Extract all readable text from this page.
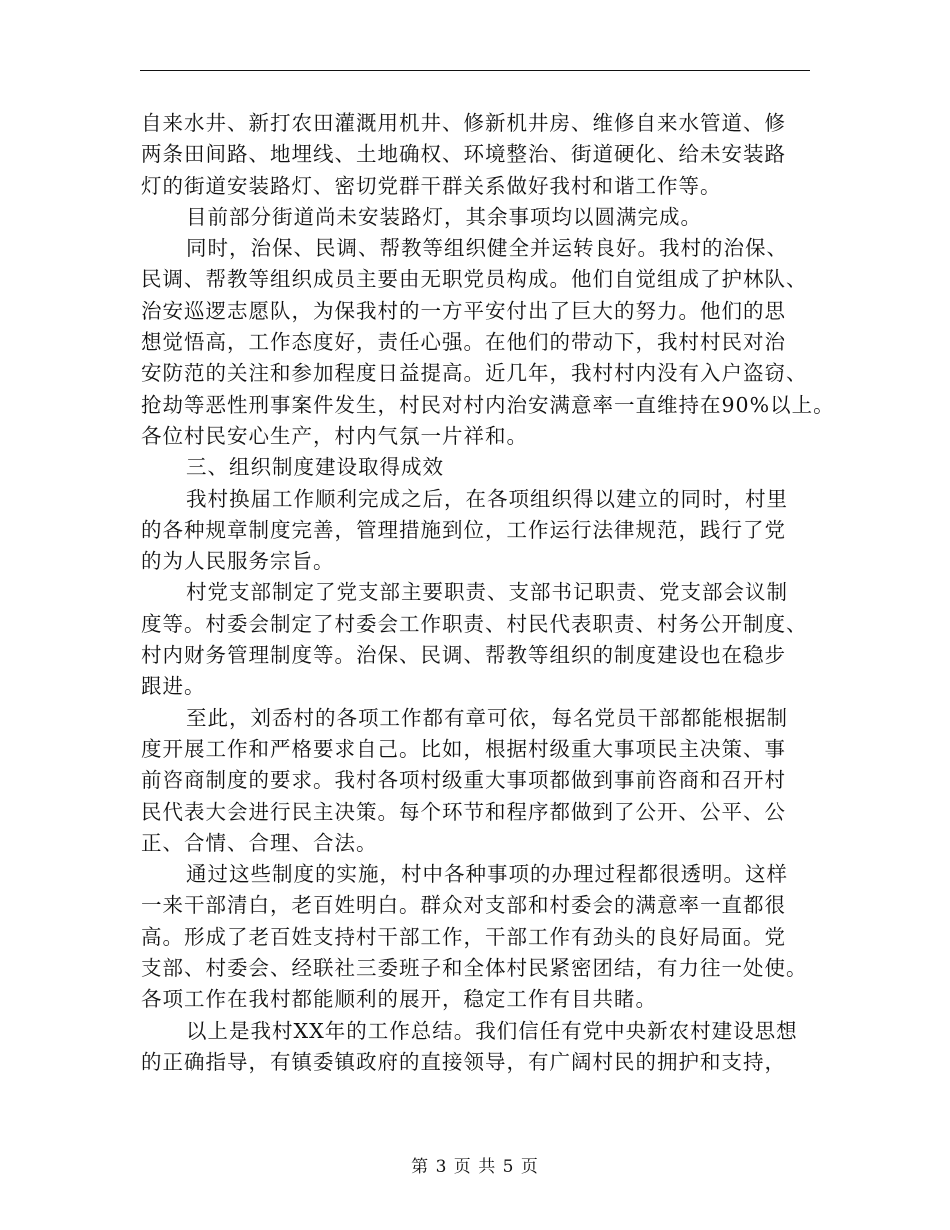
自来水井、新打农田灌溉用机井、修新机井房、维修自来水管道、修
两条田间路、地埋线、土地确权、环境整治、街道硬化、给未安装路
灯的街道安装路灯、密切党群干群关系做好我村和谐工作等。
目前部分街道尚未安装路灯，其余事项均以圆满完成。
同时，治保、民调、帮教等组织健全并运转良好。我村的治保、
民调、帮教等组织成员主要由无职党员构成。他们自觉组成了护林队、
治安巡逻志愿队，为保我村的一方平安付出了巨大的努力。他们的思
想觉悟高，工作态度好，责任心强。在他们的带动下，我村村民对治
安防范的关注和参加程度日益提高。近几年，我村村内没有入户盗窃、
抢劫等恶性刑事案件发生，村民对村内治安满意率一直维持在90%以上。
各位村民安心生产，村内气氛一片祥和。
三、组织制度建设取得成效
我村换届工作顺利完成之后，在各项组织得以建立的同时，村里
的各种规章制度完善，管理措施到位，工作运行法律规范，践行了党
的为人民服务宗旨。
村党支部制定了党支部主要职责、支部书记职责、党支部会议制
度等。村委会制定了村委会工作职责、村民代表职责、村务公开制度、
村内财务管理制度等。治保、民调、帮教等组织的制度建设也在稳步
跟进。
至此，刘岙村的各项工作都有章可依，每名党员干部都能根据制
度开展工作和严格要求自己。比如，根据村级重大事项民主决策、事
前咨商制度的要求。我村各项村级重大事项都做到事前咨商和召开村
民代表大会进行民主决策。每个环节和程序都做到了公开、公平、公
正、合情、合理、合法。
通过这些制度的实施，村中各种事项的办理过程都很透明。这样
一来干部清白，老百姓明白。群众对支部和村委会的满意率一直都很
高。形成了老百姓支持村干部工作，干部工作有劲头的良好局面。党
支部、村委会、经联社三委班子和全体村民紧密团结，有力往一处使。
各项工作在我村都能顺利的展开，稳定工作有目共睹。
以上是我村XX年的工作总结。我们信任有党中央新农村建设思想
的正确指导，有镇委镇政府的直接领导，有广阔村民的拥护和支持，
第 3 页 共 5 页
